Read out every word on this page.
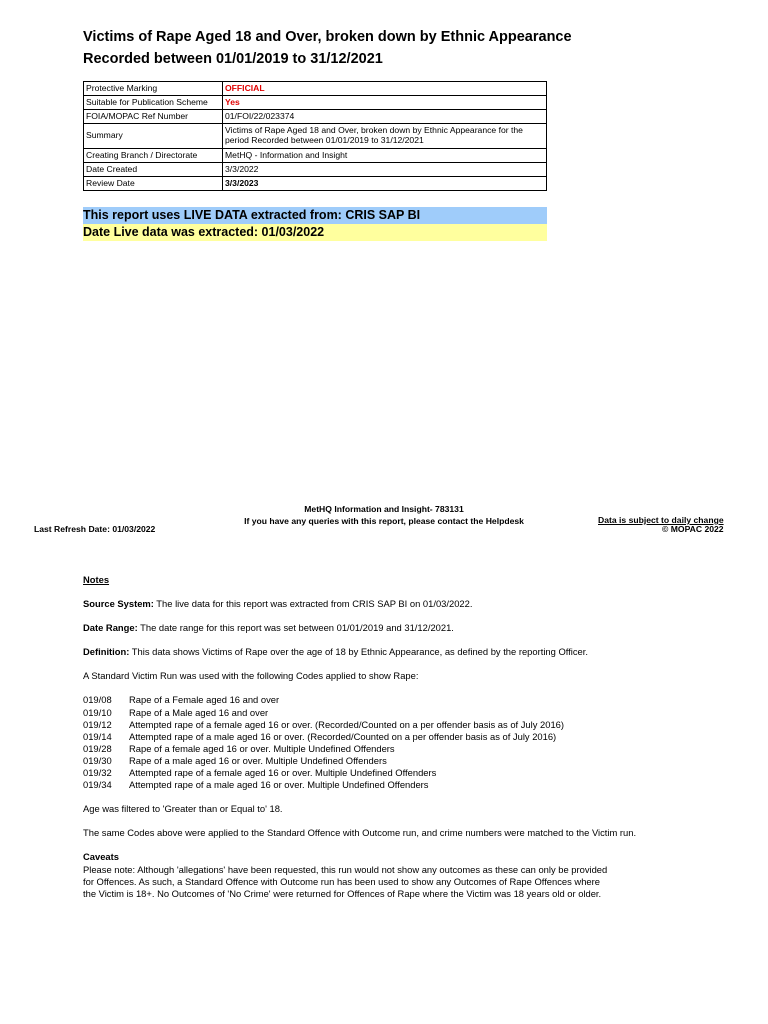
Victims of Rape Aged 18 and Over, broken down by Ethnic Appearance
Recorded between 01/01/2019 to 31/12/2021
Protective Marking	OFFICIAL
Suitable for Publication Scheme	Yes
FOIA/MOPAC Ref Number	01/FOI/22/023374
Summary	Victims of Rape Aged 18 and Over, broken down by Ethnic Appearance for the period Recorded between 01/01/2019 to 31/12/2021
Creating Branch / Directorate	MetHQ - Information and Insight
Date Created	3/3/2022
Review Date	3/3/2023
This report uses LIVE DATA extracted from: CRIS SAP BI
Date Live data was extracted: 01/03/2022
MetHQ Information and Insight- 783131
If you have any queries with this report, please contact the Helpdesk	Data is subject to daily change
Last Refresh Date: 01/03/2022	© MOPAC 2022
Notes
Source System: The live data for this report was extracted from CRIS SAP BI on 01/03/2022.
Date Range: The date range for this report was set between 01/01/2019 and 31/12/2021.
Definition: This data shows Victims of Rape over the age of 18 by Ethnic Appearance, as defined by the reporting Officer.
A Standard Victim Run was used with the following Codes applied to show Rape:
019/08 Rape of a Female aged 16 and over
019/10 Rape of a Male aged 16 and over
019/12 Attempted rape of a female aged 16 or over. (Recorded/Counted on a per offender basis as of July 2016)
019/14 Attempted rape of a male aged 16 or over. (Recorded/Counted on a per offender basis as of July 2016)
019/28 Rape of a female aged 16 or over. Multiple Undefined Offenders
019/30 Rape of a male aged 16 or over. Multiple Undefined Offenders
019/32 Attempted rape of a female aged 16 or over. Multiple Undefined Offenders
019/34 Attempted rape of a male aged 16 or over. Multiple Undefined Offenders
Age was filtered to 'Greater than or Equal to' 18.
The same Codes above were applied to the Standard Offence with Outcome run, and crime numbers were matched to the Victim run.
Caveats
Please note: Although 'allegations' have been requested, this run would not show any outcomes as these can only be provided
for Offences. As such, a Standard Offence with Outcome run has been used to show any Outcomes of Rape Offences where
the Victim is 18+. No Outcomes of 'No Crime' were returned for Offences of Rape where the Victim was 18 years old or older.
